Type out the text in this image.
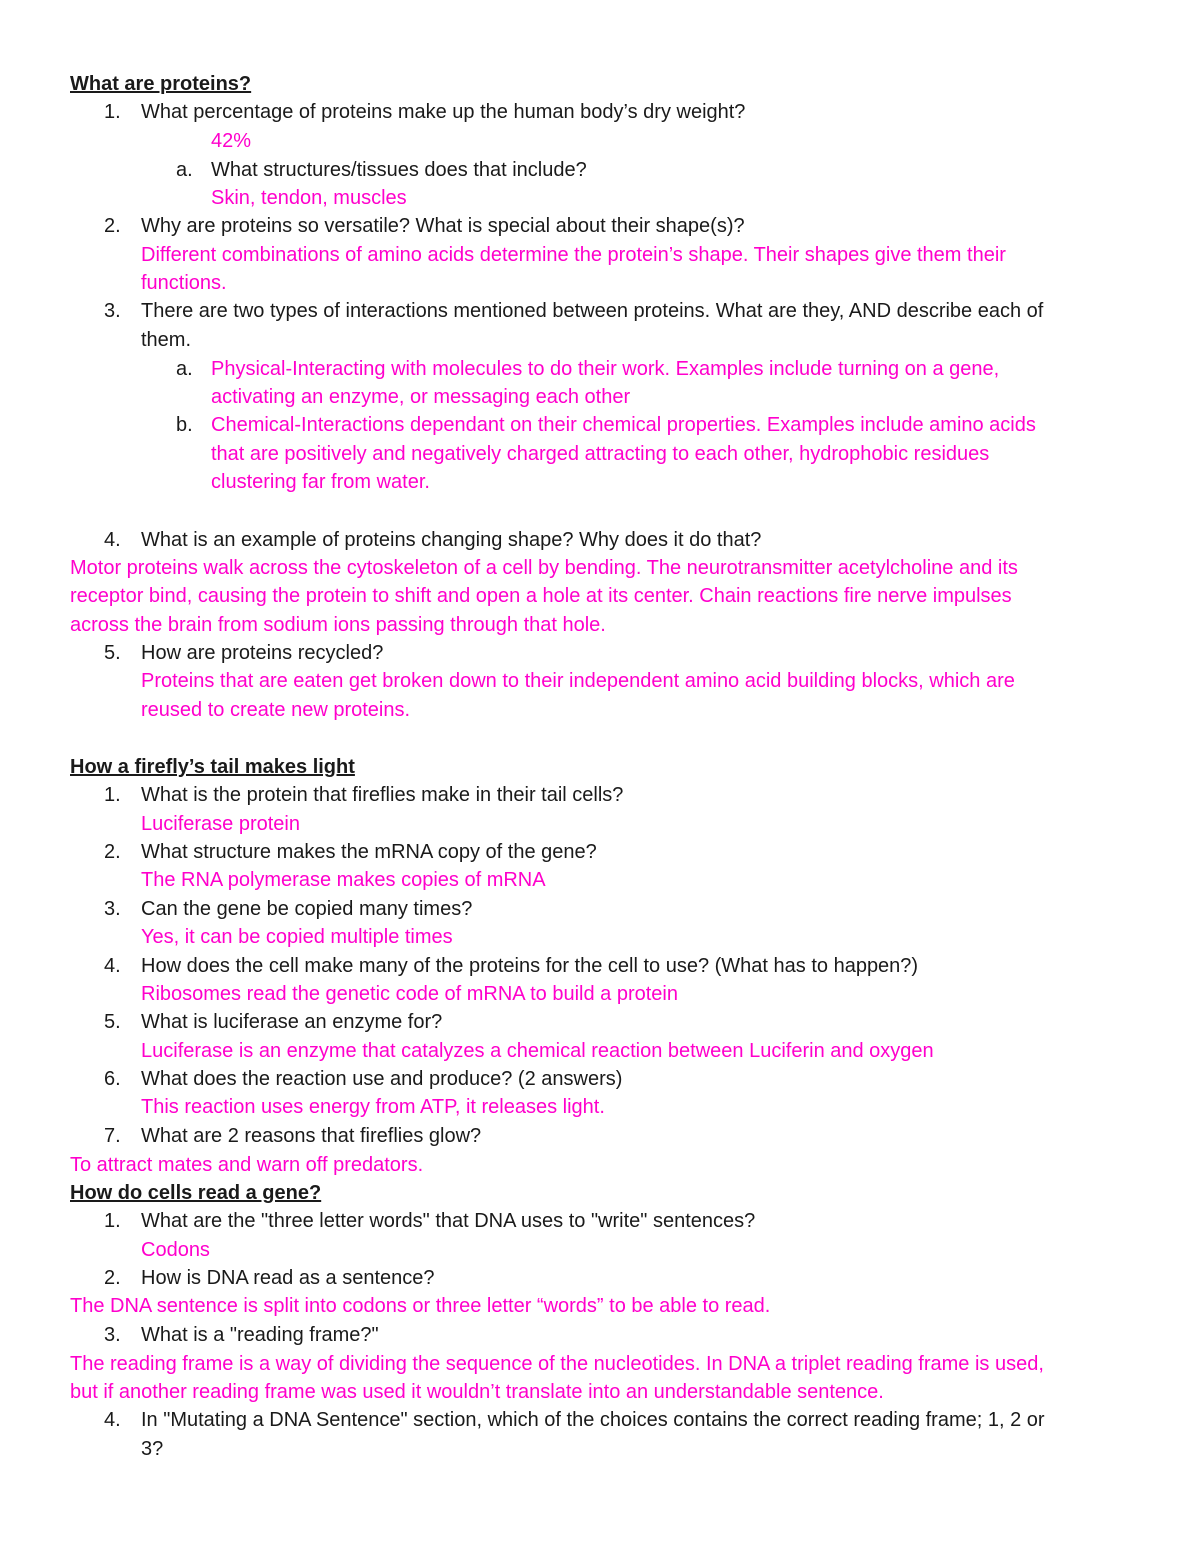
What are proteins?
1. What percentage of proteins make up the human body’s dry weight?
42%
a. What structures/tissues does that include?
Skin, tendon, muscles
2. Why are proteins so versatile? What is special about their shape(s)?
Different combinations of amino acids determine the protein’s shape. Their shapes give them their
functions.
3. There are two types of interactions mentioned between proteins. What are they, AND describe each of
them.
a. Physical-Interacting with molecules to do their work. Examples include turning on a gene,
activating an enzyme, or messaging each other
b. Chemical-Interactions dependant on their chemical properties. Examples include amino acids
that are positively and negatively charged attracting to each other, hydrophobic residues
clustering far from water.
4. What is an example of proteins changing shape? Why does it do that?
Motor proteins walk across the cytoskeleton of a cell by bending. The neurotransmitter acetylcholine and its
receptor bind, causing the protein to shift and open a hole at its center. Chain reactions fire nerve impulses
across the brain from sodium ions passing through that hole.
5. How are proteins recycled?
Proteins that are eaten get broken down to their independent amino acid building blocks, which are
reused to create new proteins.
How a firefly’s tail makes light
1. What is the protein that fireflies make in their tail cells?
Luciferase protein
2. What structure makes the mRNA copy of the gene?
The RNA polymerase makes copies of mRNA
3. Can the gene be copied many times?
Yes, it can be copied multiple times
4. How does the cell make many of the proteins for the cell to use? (What has to happen?)
Ribosomes read the genetic code of mRNA to build a protein
5. What is luciferase an enzyme for?
Luciferase is an enzyme that catalyzes a chemical reaction between Luciferin and oxygen
6. What does the reaction use and produce? (2 answers)
This reaction uses energy from ATP, it releases light.
7. What are 2 reasons that fireflies glow?
To attract mates and warn off predators.
How do cells read a gene?
1. What are the "three letter words" that DNA uses to "write" sentences?
Codons
2. How is DNA read as a sentence?
The DNA sentence is split into codons or three letter “words” to be able to read.
3. What is a "reading frame?"
The reading frame is a way of dividing the sequence of the nucleotides. In DNA a triplet reading frame is used,
but if another reading frame was used it wouldn’t translate into an understandable sentence.
4. In "Mutating a DNA Sentence" section, which of the choices contains the correct reading frame; 1, 2 or
3?
